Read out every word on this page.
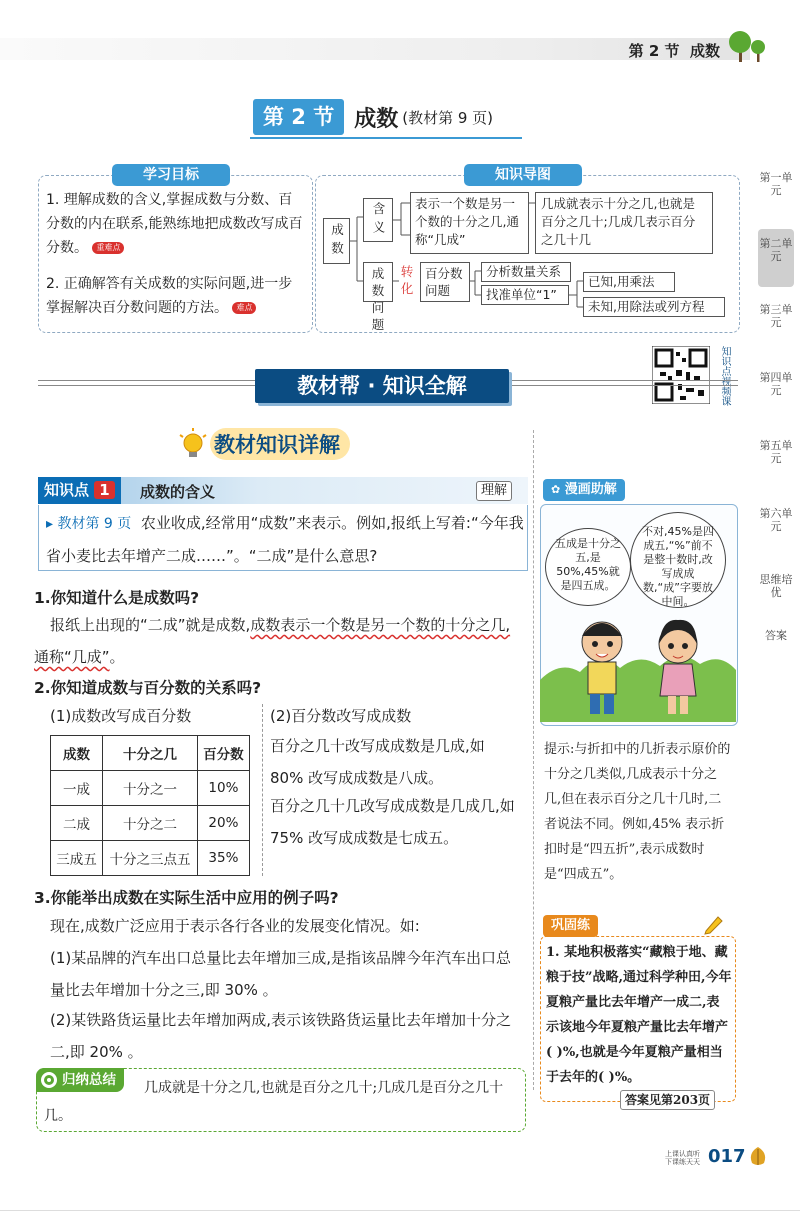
第 2 节 成数
第 2 节 成数 (教材第 9 页)
学习目标
1. 理解成数的含义,掌握成数与分数、百分数的内在联系,能熟练地把成数改写成百分数。 重难点
2. 正确解答有关成数的实际问题,进一步掌握解决百分数问题的方法。 难点
知识导图
成数
含义	表示一个数是另一个数的十分之几,通称“几成”
几成就表示十分之几,也就是百分之几十;几成几表示百分之几十几
成数问题
转化
百分数问题
分析数量关系
找准单位“1”
已知,用乘法
未知,用除法或列方程
第一单元
第二单元
第三单元
第四单元
第五单元
第六单元
思维培优
答案
知识点视频课
教材帮 · 知识全解
教材知识详解
知识点 1	成数的含义	理解
▸ 教材第 9 页 农业收成,经常用“成数”来表示。例如,报纸上写着:“今年我省小麦比去年增产二成……”。“二成”是什么意思?
1.你知道什么是成数吗?
报纸上出现的“二成”就是成数,成数表示一个数是另一个数的十分之几,通称“几成”。
2.你知道成数与百分数的关系吗?
(1)成数改写成百分数
成数	十分之几	百分数
一成	十分之一	10%
二成	十分之二	20%
三成五	十分之三点五	35%
(2)百分数改写成成数
百分之几十改写成成数是几成,如 80% 改写成成数是八成。
百分之几十几改写成成数是几成几,如 75% 改写成成数是七成五。
3.你能举出成数在实际生活中应用的例子吗?
现在,成数广泛应用于表示各行各业的发展变化情况。如:
(1)某品牌的汽车出口总量比去年增加三成,是指该品牌今年汽车出口总量比去年增加十分之三,即 30% 。
(2)某铁路货运量比去年增加两成,表示该铁路货运量比去年增加十分之二,即 20% 。
归纳总结	几成就是十分之几,也就是百分之几十;几成几是百分之几十几。
✿ 漫画助解
五成是十分之五,是50%,45%就是四五成。
不对,45%是四成五,“%”前不是整十数时,改写成成数,“成”字要放中间。
提示:与折扣中的几折表示原价的十分之几类似,几成表示十分之几,但在表示百分之几十几时,二者说法不同。例如,45% 表示折扣时是“四五折”,表示成数时是“四成五”。
巩固练
1. 某地积极落实“藏粮于地、藏粮于技”战略,通过科学种田,今年夏粮产量比去年增产一成二,表示该地今年夏粮产量比去年增产( )%,也就是今年夏粮产量相当于去年的( )%。
答案见第203页
上课认真听
下课练天天 017
